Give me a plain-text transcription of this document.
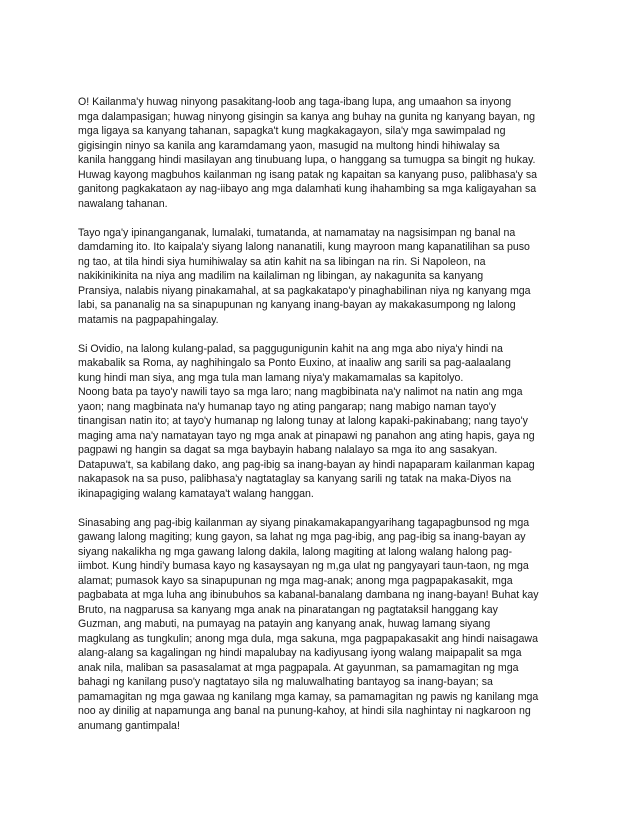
O! Kailanma'y huwag ninyong pasakitang-loob ang taga-ibang lupa, ang umaahon sa inyong
mga dalampasigan; huwag ninyong gisingin sa kanya ang buhay na gunita ng kanyang bayan, ng
mga ligaya sa kanyang tahanan, sapagka't kung magkakagayon, sila'y mga sawimpalad ng
gigisingin ninyo sa kanila ang karamdamang yaon, masugid na multong hindi hihiwalay sa
kanila hanggang hindi masilayan ang tinubuang lupa, o hanggang sa tumugpa sa bingit ng hukay.
Huwag kayong magbuhos kailanman ng isang patak ng kapaitan sa kanyang puso, palibhasa'y sa
ganitong pagkakataon ay nag-iibayo ang mga dalamhati kung ihahambing sa mga kaligayahan sa
nawalang tahanan.
Tayo nga'y ipinanganganak, lumalaki, tumatanda, at namamatay na nagsisimpan ng banal na
damdaming ito. Ito kaipala'y siyang lalong nananatili, kung mayroon mang kapanatilihan sa puso
ng tao, at tila hindi siya humihiwalay sa atin kahit na sa libingan na rin. Si Napoleon, na
nakikinikinita na niya ang madilim na kailaliman ng libingan, ay nakagunita sa kanyang
Pransiya, nalabis niyang pinakamahal, at sa pagkakatapo'y pinaghabilinan niya ng kanyang mga
labi, sa pananalig na sa sinapupunan ng kanyang inang-bayan ay makakasumpong ng lalong
matamis na pagpapahingalay.
Si Ovidio, na lalong kulang-palad, sa paggugunigunin kahit na ang mga abo niya'y hindi na
makabalik sa Roma, ay naghihingalo sa Ponto Euxino, at inaaliw ang sarili sa pag-aalaalang
kung hindi man siya, ang mga tula man lamang niya'y makamamalas sa kapitolyo.
Noong bata pa tayo'y nawili tayo sa mga laro; nang magbibinata na'y nalimot na natin ang mga
yaon; nang magbinata na'y humanap tayo ng ating pangarap; nang mabigo naman tayo'y
tinangisan natin ito; at tayo'y humanap ng lalong tunay at lalong kapaki-pakinabang; nang tayo'y
maging ama na'y namatayan tayo ng mga anak at pinapawi ng panahon ang ating hapis, gaya ng
pagpawi ng hangin sa dagat sa mga baybayin habang nalalayo sa mga ito ang sasakyan.
Datapuwa't, sa kabilang dako, ang pag-ibig sa inang-bayan ay hindi napaparam kailanman kapag
nakapasok na sa puso, palibhasa'y nagtataglay sa kanyang sarili ng tatak na maka-Diyos na
ikinapagiging walang kamataya't walang hanggan.
Sinasabing ang pag-ibig kailanman ay siyang pinakamakapangyarihang tagapagbunsod ng mga
gawang lalong magiting; kung gayon, sa lahat ng mga pag-ibig, ang pag-ibig sa inang-bayan ay
siyang nakalikha ng mga gawang lalong dakila, lalong magiting at lalong walang halong pag-
iimbot. Kung hindi'y bumasa kayo ng kasaysayan ng m,ga ulat ng pangyayari taun-taon, ng mga
alamat; pumasok kayo sa sinapupunan ng mga mag-anak; anong mga pagpapakasakit, mga
pagbabata at mga luha ang ibinubuhos sa kabanal-banalang dambana ng inang-bayan! Buhat kay
Bruto, na nagparusa sa kanyang mga anak na pinaratangan ng pagtataksil hanggang kay
Guzman, ang mabuti, na pumayag na patayin ang kanyang anak, huwag lamang siyang
magkulang as tungkulin; anong mga dula, mga sakuna, mga pagpapakasakit ang hindi naisagawa
alang-alang sa kagalingan ng hindi mapalubay na kadiyusang iyong walang maipapalit sa mga
anak nila, maliban sa pasasalamat at mga pagpapala. At gayunman, sa pamamagitan ng mga
bahagi ng kanilang puso'y nagtatayo sila ng maluwalhating bantayog sa inang-bayan; sa
pamamagitan ng mga gawaa ng kanilang mga kamay, sa pamamagitan ng pawis ng kanilang mga
noo ay dinilig at napamunga ang banal na punung-kahoy, at hindi sila naghintay ni nagkaroon ng
anumang gantimpala!
